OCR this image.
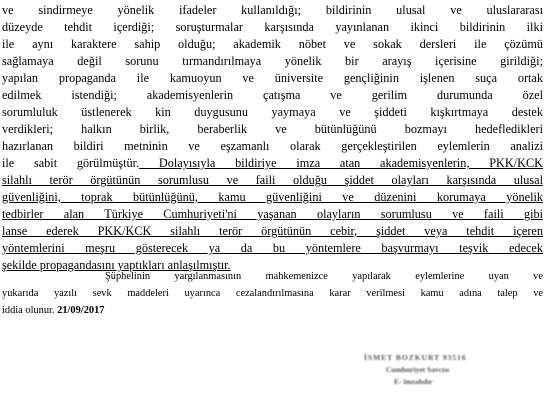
ve sindirmeye yönelik ifadeler kullanıldığı; bildirinin ulusal ve uluslararası
düzeyde tehdit içerdiği; soruşturmalar karşısında yayınlanan ikinci bildirinin ilki
ile aynı karaktere sahip olduğu; akademik nöbet ve sokak dersleri ile çözümü
sağlamaya değil sorunu tırmandırılmaya yönelik bir arayış içerisine girildiği;
yapılan propaganda ile kamuoyun ve üniversite gençliğinin işlenen suça ortak
edilmek istendiği; akademisyenlerin çatışma ve gerilim durumunda özel
sorumluluk üstlenerek kin duygusunu yaymaya ve şiddeti kışkırtmaya destek
verdikleri; halkın birlik, beraberlik ve bütünlüğünü bozmayı hedefledikleri
hazırlanan bildiri metninin ve eşzamanlı olarak gerçekleştirilen eylemlerin analizi
ile sabit görülmüştür. Dolayısıyla bildiriye imza atan akademisyenlerin, PKK/KCK
silahlı terör örgütünün sorumlusu ve faili olduğu şiddet olayları karşısında ulusal
güvenliğini, toprak bütünlüğünü, kamu güvenliğini ve düzenini korumaya yönelik
tedbirler alan Türkiye Cumhuriyeti'ni yaşanan olayların sorumlusu ve faili gibi
lanse ederek PKK/KCK silahlı terör örgütünün cebir, şiddet veya tehdit içeren
yöntemlerini meşru gösterecek ya da bu yöntemlere başvurmayı teşvik edecek
şekilde propagandasını yaptıkları anlaşılmıştır.

Şüphelinin yargılanmasının mahkemenizce yapılarak eylemlerine uyan ve
yukarıda yazılı sevk maddeleri uyarınca cezalandırılmasına karar verilmesi kamu adına talep ve
iddia olunur. 21/09/2017

İSMET BOZKURT 93516
Cumhuriyet Savcısı
E- imzalıdır
